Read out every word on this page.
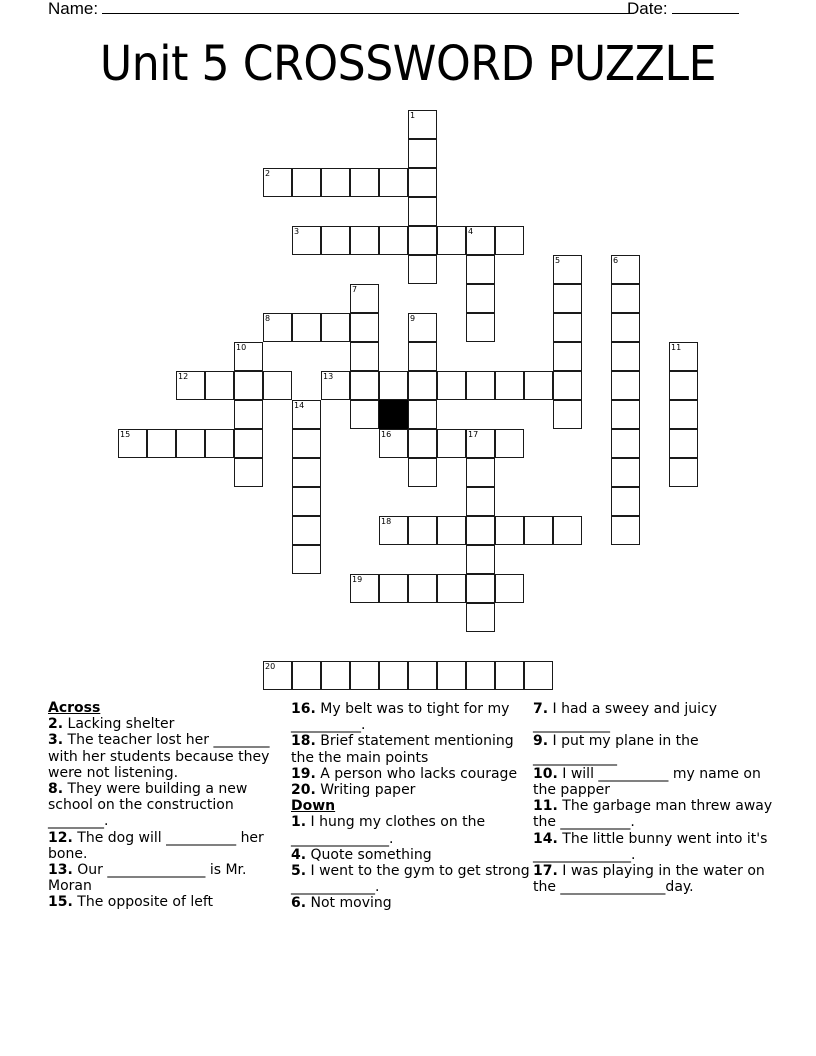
Name:	Date:
Unit 5 CROSSWORD PUZZLE
1
2
3	4
5	6
7
8	9
10	11
12	13
14
15	16	17
18
19
20
Across
2. Lacking shelter
3. The teacher lost her ________ with her students because they were not listening.
8. They were building a new school on the construction ________.
12. The dog will __________ her bone.
13. Our ______________ is Mr. Moran
15. The opposite of left
16. My belt was to tight for my __________.
18. Brief statement mentioning the the main points
19. A person who lacks courage
20. Writing paper
Down
1. I hung my clothes on the ______________.
4. Quote something
5. I went to the gym to get strong ____________.
6. Not moving
7. I had a sweey and juicy ___________
9. I put my plane in the ____________
10. I will __________ my name on the papper
11. The garbage man threw away the __________.
14. The little bunny went into it's ______________.
17. I was playing in the water on the _______________day.
